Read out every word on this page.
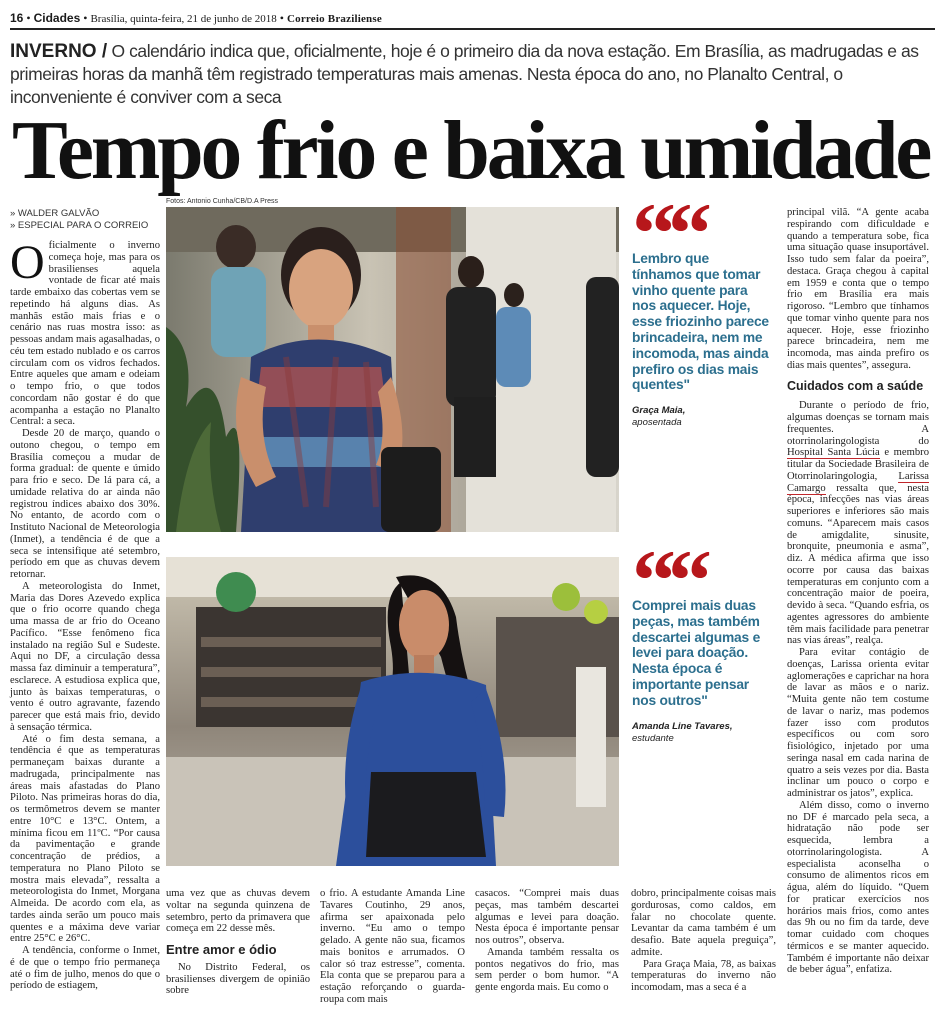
16 • Cidades • Brasília, quinta-feira, 21 de junho de 2018 • Correio Braziliense
INVERNO / O calendário indica que, oficialmente, hoje é o primeiro dia da nova estação. Em Brasília, as madrugadas e as primeiras horas da manhã têm registrado temperaturas mais amenas. Nesta época do ano, no Planalto Central, o inconveniente é conviver com a seca
Tempo frio e baixa umidade
» WALDER GALVÃO
» ESPECIAL PARA O CORREIO

Oficialmente o inverno começa hoje, mas para os brasilienses aquela vontade de ficar até mais tarde embaixo das cobertas vem se repetindo há alguns dias. As manhãs estão mais frias e o cenário nas ruas mostra isso: as pessoas andam mais agasalhadas, o céu tem estado nublado e os carros circulam com os vidros fechados. Entre aqueles que amam e odeiam o tempo frio, o que todos concordam não gostar é do que acompanha a estação no Planalto Central: a seca.

Desde 20 de março, quando o outono chegou, o tempo em Brasília começou a mudar de forma gradual: de quente e úmido para frio e seco. De lá para cá, a umidade relativa do ar ainda não registrou índices abaixo dos 30%. No entanto, de acordo com o Instituto Nacional de Meteorologia (Inmet), a tendência é de que a seca se intensifique até setembro, período em que as chuvas devem retornar.

A meteorologista do Inmet, Maria das Dores Azevedo explica que o frio ocorre quando chega uma massa de ar frio do Oceano Pacífico. “Esse fenômeno fica instalado na região Sul e Sudeste. Aqui no DF, a circulação dessa massa faz diminuir a temperatura”, esclarece. A estudiosa explica que, junto às baixas temperaturas, o vento é outro agravante, fazendo parecer que está mais frio, devido à sensação térmica.

Até o fim desta semana, a tendência é que as temperaturas permaneçam baixas durante a madrugada, principalmente nas áreas mais afastadas do Plano Piloto. Nas primeiras horas do dia, os termômetros devem se manter entre 10°C e 13°C. Ontem, a mínima ficou em 11ºC. “Por causa da pavimentação e grande concentração de prédios, a temperatura no Plano Piloto se mostra mais elevada”, ressalta a meteorologista do Inmet, Morgana Almeida. De acordo com ela, as tardes ainda serão um pouco mais quentes e a máxima deve variar entre 25°C e 26°C.

A tendência, conforme o Inmet, é de que o tempo frio permaneça até o fim de julho, menos do que o período de estiagem,

Fotos: Antonio Cunha/CB/D.A Press
Lembro que tínhamos que tomar vinho quente para nos aquecer. Hoje, esse friozinho parece brincadeira, nem me incomoda, mas ainda prefiro os dias mais quentes"
Graça Maia,
aposentada
Comprei mais duas peças, mas também descartei algumas e levei para doação. Nesta época é importante pensar nos outros"
Amanda Line Tavares,
estudante

uma vez que as chuvas devem voltar na segunda quinzena de setembro, perto da primavera que começa em 22 desse mês.

Entre amor e ódio

No Distrito Federal, os brasilienses divergem de opinião sobre

o frio. A estudante Amanda Line Tavares Coutinho, 29 anos, afirma ser apaixonada pelo inverno. “Eu amo o tempo gelado. A gente não sua, ficamos mais bonitos e arrumados. O calor só traz estresse”, comenta. Ela conta que se preparou para a estação reforçando o guarda-roupa com mais

casacos. “Comprei mais duas peças, mas também descartei algumas e levei para doação. Nesta época é importante pensar nos outros”, observa.

Amanda também ressalta os pontos negativos do frio, mas sem perder o bom humor. “A gente engorda mais. Eu como o

dobro, principalmente coisas mais gordurosas, como caldos, em falar no chocolate quente. Levantar da cama também é um desafio. Bate aquela preguiça”, admite.

Para Graça Maia, 78, as baixas temperaturas do inverno não incomodam, mas a seca é a

principal vilã. “A gente acaba respirando com dificuldade e quando a temperatura sobe, fica uma situação quase insuportável. Isso tudo sem falar da poeira”, destaca. Graça chegou à capital em 1959 e conta que o tempo frio em Brasília era mais rigoroso. “Lembro que tínhamos que tomar vinho quente para nos aquecer. Hoje, esse friozinho parece brincadeira, nem me incomoda, mas ainda prefiro os dias mais quentes”, assegura.

Cuidados com a saúde

Durante o período de frio, algumas doenças se tornam mais frequentes. A otorrinolaringologista do Hospital Santa Lúcia e membro titular da Sociedade Brasileira de Otorrinolaringologia, Larissa Camargo ressalta que, nesta época, infecções nas vias áreas superiores e inferiores são mais comuns. “Aparecem mais casos de amigdalite, sinusite, bronquite, pneumonia e asma”, diz. A médica afirma que isso ocorre por causa das baixas temperaturas em conjunto com a concentração maior de poeira, devido à seca. “Quando esfria, os agentes agressores do ambiente têm mais facilidade para penetrar nas vias áreas”, realça.

Para evitar contágio de doenças, Larissa orienta evitar aglomerações e caprichar na hora de lavar as mãos e o nariz. “Muita gente não tem costume de lavar o nariz, mas podemos fazer isso com produtos específicos ou com soro fisiológico, injetado por uma seringa nasal em cada narina de quatro a seis vezes por dia. Basta inclinar um pouco o corpo e administrar os jatos”, explica.

Além disso, como o inverno no DF é marcado pela seca, a hidratação não pode ser esquecida, lembra a otorrinolaringologista. A especialista aconselha o consumo de alimentos ricos em água, além do líquido. “Quem for praticar exercícios nos horários mais frios, como antes das 9h ou no fim da tarde, deve tomar cuidado com choques térmicos e se manter aquecido. Também é importante não deixar de beber água”, enfatiza.
